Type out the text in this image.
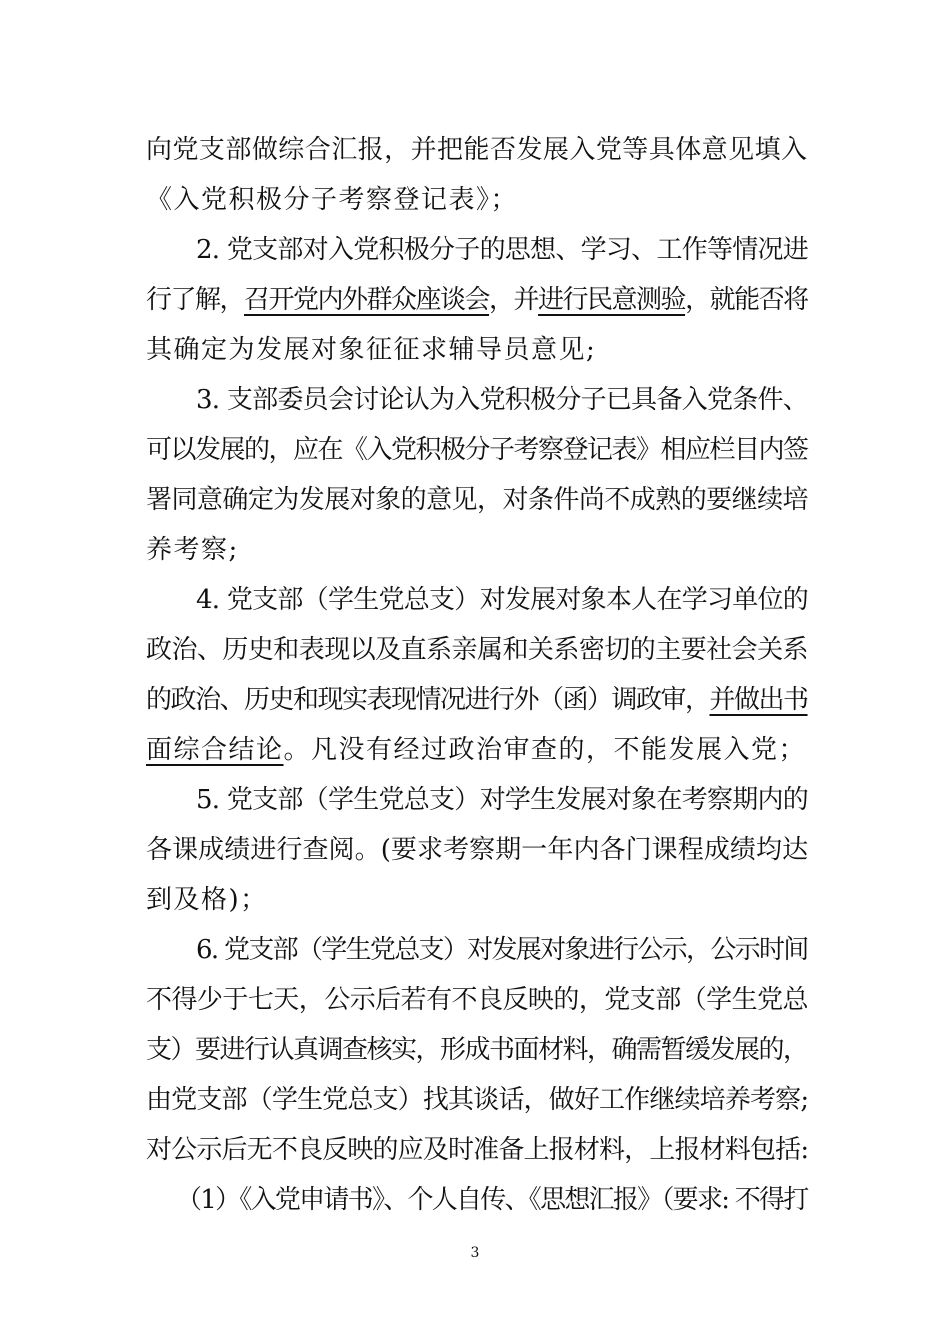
向党支部做综合汇报，并把能否发展入党等具体意见填入
《入党积极分子考察登记表》；
2. 党支部对入党积极分子的思想、学习、工作等情况进
行了解，召开党内外群众座谈会，并进行民意测验，就能否将
其确定为发展对象征征求辅导员意见;
3. 支部委员会讨论认为入党积极分子已具备入党条件、
可以发展的，应在《入党积极分子考察登记表》相应栏目内签
署同意确定为发展对象的意见，对条件尚不成熟的要继续培
养考察;
4. 党支部（学生党总支）对发展对象本人在学习单位的
政治、历史和表现以及直系亲属和关系密切的主要社会关系
的政治、历史和现实表现情况进行外（函）调政审，并做出书
面综合结论。凡没有经过政治审查的，不能发展入党；
5. 党支部（学生党总支）对学生发展对象在考察期内的
各课成绩进行查阅。(要求考察期一年内各门课程成绩均达
到及格)；
6. 党支部（学生党总支）对发展对象进行公示，公示时间
不得少于七天，公示后若有不良反映的，党支部（学生党总
支）要进行认真调查核实，形成书面材料，确需暂缓发展的，
由党支部（学生党总支）找其谈话，做好工作继续培养考察;
对公示后无不良反映的应及时准备上报材料，上报材料包括:
（1）《入党申请书》、个人自传、《思想汇报》（要求: 不得打
3
